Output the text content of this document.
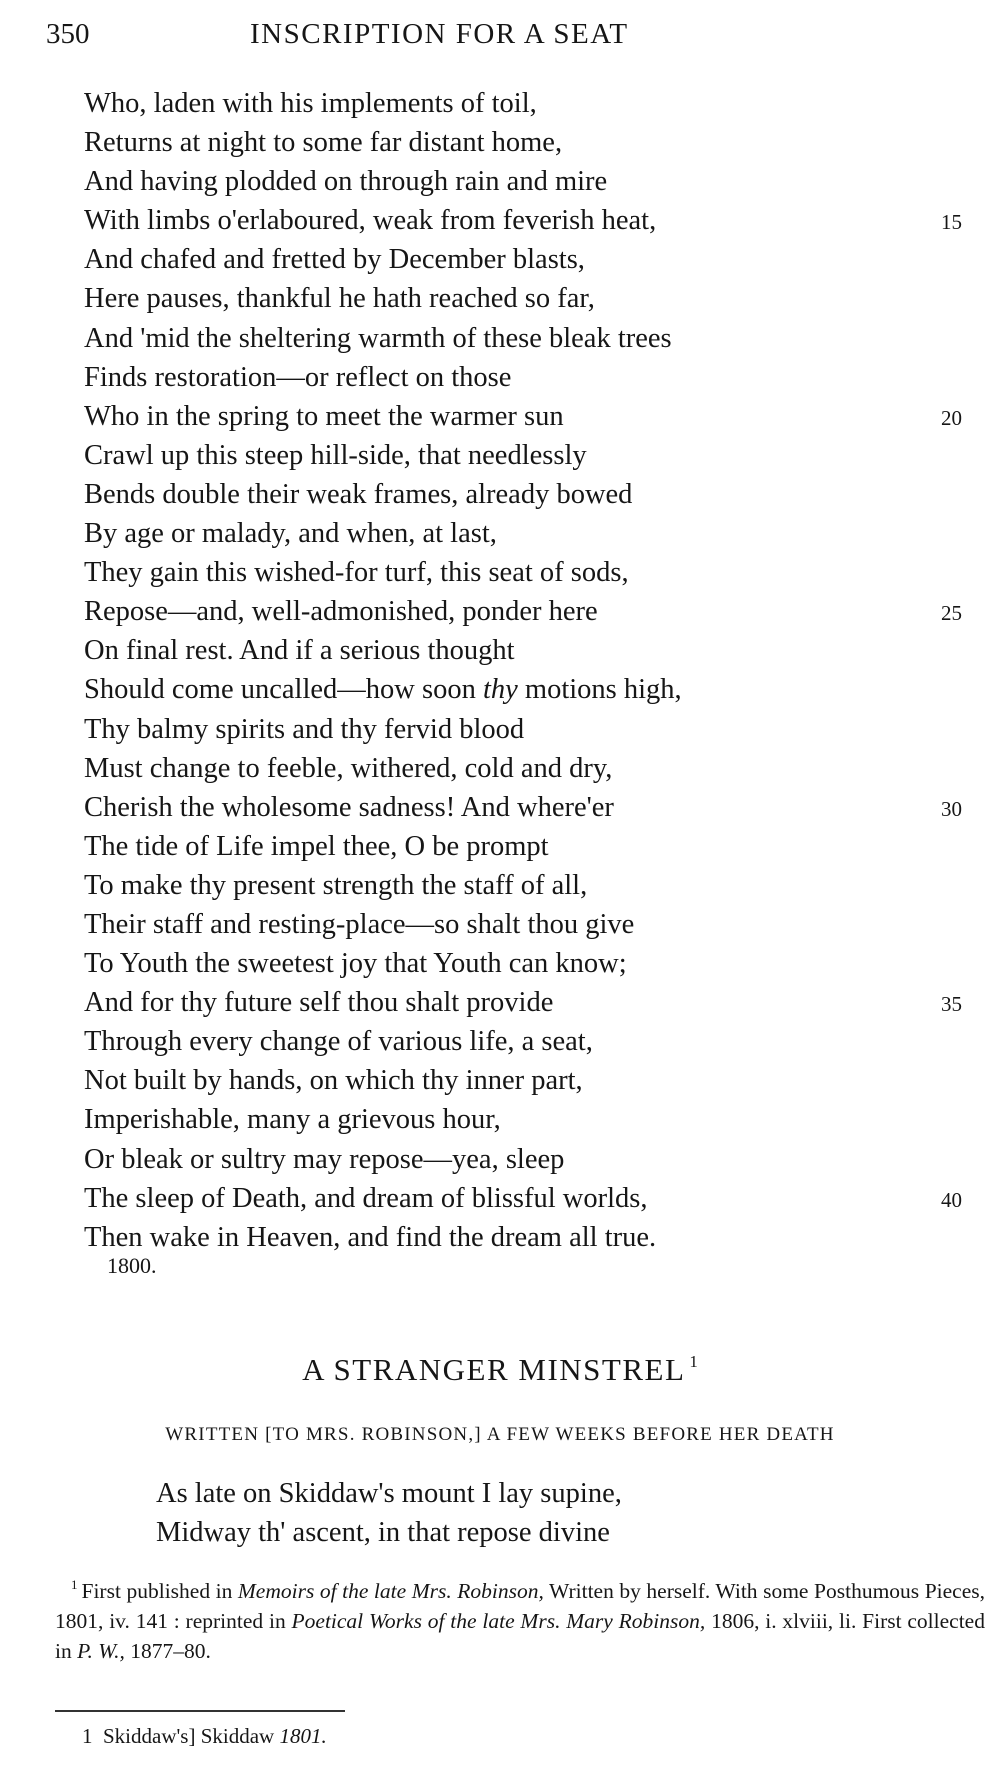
350	INSCRIPTION FOR A SEAT
Who, laden with his implements of toil,
Returns at night to some far distant home,
And having plodded on through rain and mire
With limbs o'erlaboured, weak from feverish heat,	15
And chafed and fretted by December blasts,
Here pauses, thankful he hath reached so far,
And 'mid the sheltering warmth of these bleak trees
Finds restoration—or reflect on those
Who in the spring to meet the warmer sun	20
Crawl up this steep hill-side, that needlessly
Bends double their weak frames, already bowed
By age or malady, and when, at last,
They gain this wished-for turf, this seat of sods,
Repose—and, well-admonished, ponder here	25
On final rest. And if a serious thought
Should come uncalled—how soon thy motions high,
Thy balmy spirits and thy fervid blood
Must change to feeble, withered, cold and dry,
Cherish the wholesome sadness! And where'er	30
The tide of Life impel thee, O be prompt
To make thy present strength the staff of all,
Their staff and resting-place—so shalt thou give
To Youth the sweetest joy that Youth can know;
And for thy future self thou shalt provide	35
Through every change of various life, a seat,
Not built by hands, on which thy inner part,
Imperishable, many a grievous hour,
Or bleak or sultry may repose—yea, sleep
The sleep of Death, and dream of blissful worlds,	40
Then wake in Heaven, and find the dream all true.
1800.
A STRANGER MINSTREL $^1$
WRITTEN [TO MRS. ROBINSON,] A FEW WEEKS BEFORE HER DEATH
As late on Skiddaw's mount I lay supine,
Midway th' ascent, in that repose divine
$^1$ First published in Memoirs of the late Mrs. Robinson, Written by herself. With some Posthumous Pieces, 1801, iv. 141 : reprinted in Poetical Works of the late Mrs. Mary Robinson, 1806, i. xlviii, li. First collected in P. W., 1877–80.
1 Skiddaw's] Skiddaw 1801.
